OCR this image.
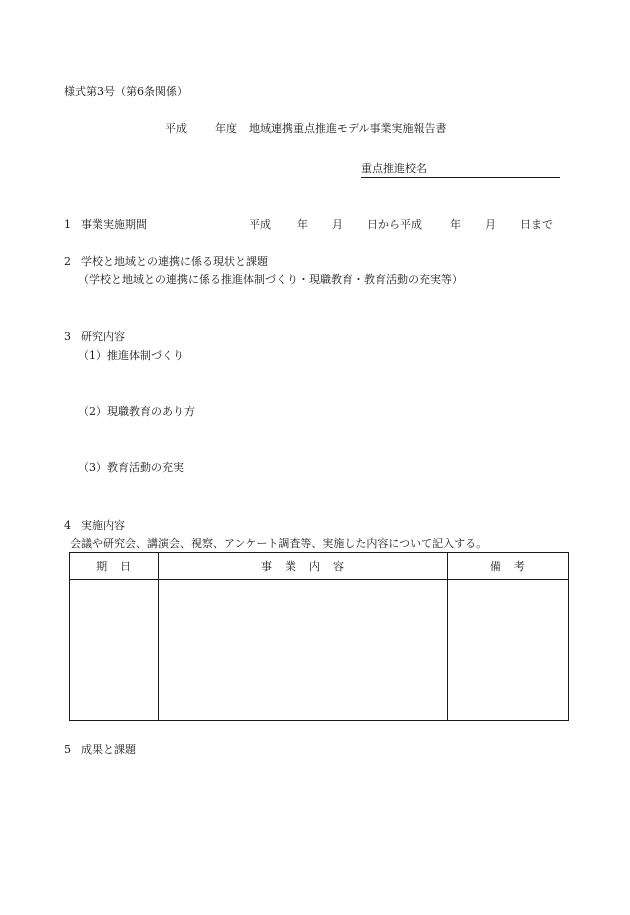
様式第3号（第6条関係）
平成	年度 地域連携重点推進モデル事業実施報告書
重点推進校名
1 事業実施期間	平成 年 月 日から平成	年 月 日まで
2 学校と地域との連携に係る現状と課題
（学校と地域との連携に係る推進体制づくり・現職教育・教育活動の充実等）
3 研究内容
（1）推進体制づくり
（2）現職教育のあり方
（3）教育活動の充実
4 実施内容
会議や研究会、講演会、視察、アンケート調査等、実施した内容について記入する。
期　日	事　業　内　容	備　考

5 成果と課題
